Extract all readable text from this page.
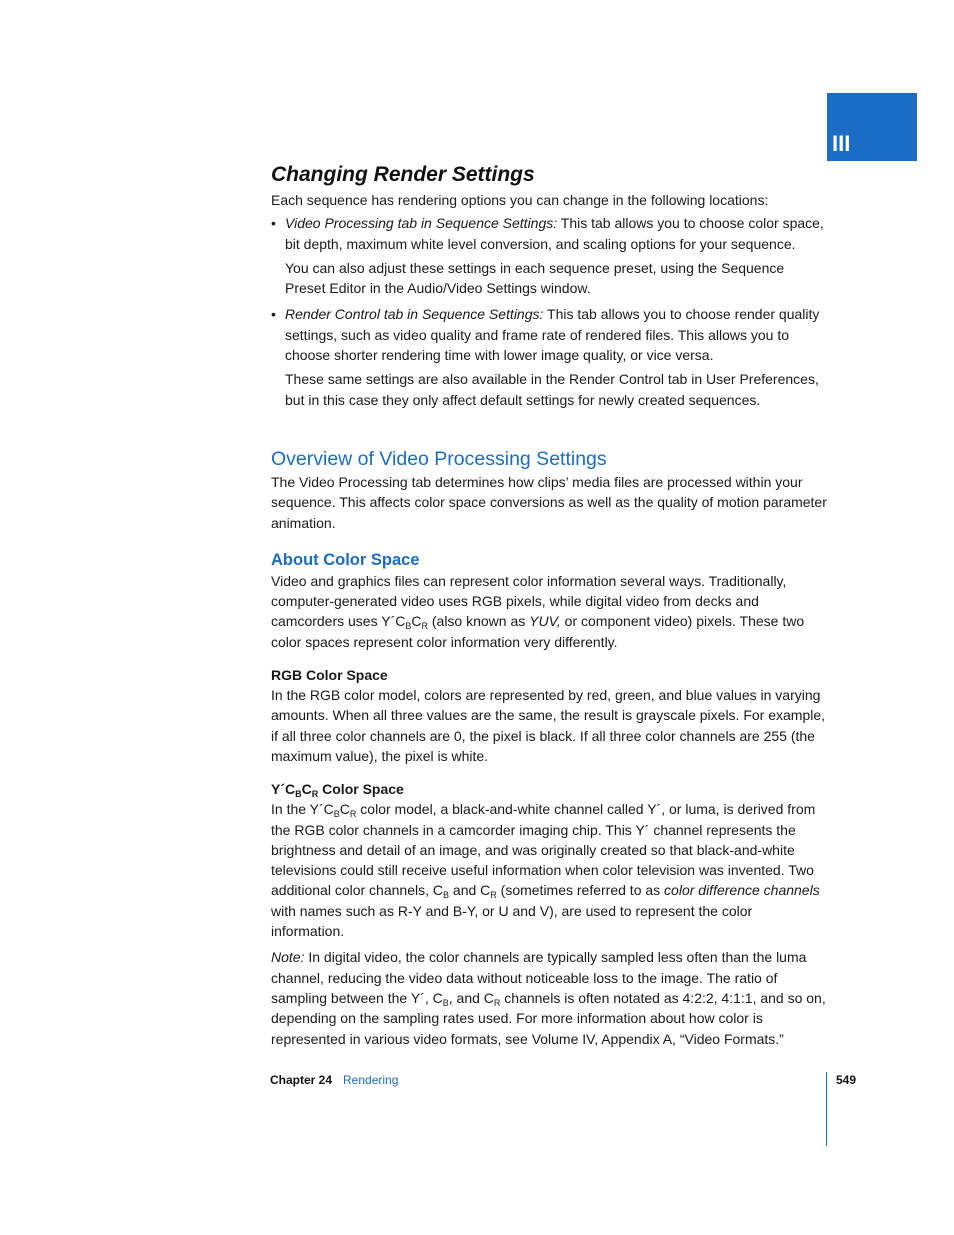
III
Changing Render Settings

Each sequence has rendering options you can change in the following locations:

• Video Processing tab in Sequence Settings: This tab allows you to choose color space, bit depth, maximum white level conversion, and scaling options for your sequence.

You can also adjust these settings in each sequence preset, using the Sequence Preset Editor in the Audio/Video Settings window.

• Render Control tab in Sequence Settings: This tab allows you to choose render quality settings, such as video quality and frame rate of rendered files. This allows you to choose shorter rendering time with lower image quality, or vice versa.

These same settings are also available in the Render Control tab in User Preferences, but in this case they only affect default settings for newly created sequences.

Overview of Video Processing Settings

The Video Processing tab determines how clips’ media files are processed within your sequence. This affects color space conversions as well as the quality of motion parameter animation.

About Color Space

Video and graphics files can represent color information several ways. Traditionally, computer-generated video uses RGB pixels, while digital video from decks and camcorders uses $Y´C_BC_R$ (also known as YUV, or component video) pixels. These two color spaces represent color information very differently.

RGB Color Space

In the RGB color model, colors are represented by red, green, and blue values in varying amounts. When all three values are the same, the result is grayscale pixels. For example, if all three color channels are 0, the pixel is black. If all three color channels are 255 (the maximum value), the pixel is white.

$Y´C_BC_R$ Color Space

In the $Y´C_BC_R$ color model, a black-and-white channel called Y´, or luma, is derived from the RGB color channels in a camcorder imaging chip. This Y´ channel represents the brightness and detail of an image, and was originally created so that black-and-white televisions could still receive useful information when color television was invented. Two additional color channels, $C_B$ and $C_R$ (sometimes referred to as color difference channels with names such as R-Y and B-Y, or U and V), are used to represent the color information.

Note: In digital video, the color channels are typically sampled less often than the luma channel, reducing the video data without noticeable loss to the image. The ratio of sampling between the Y´, $C_B$, and $C_R$ channels is often notated as 4:2:2, 4:1:1, and so on, depending on the sampling rates used. For more information about how color is represented in various video formats, see Volume IV, Appendix A, “Video Formats.”

Chapter 24 Rendering	549
